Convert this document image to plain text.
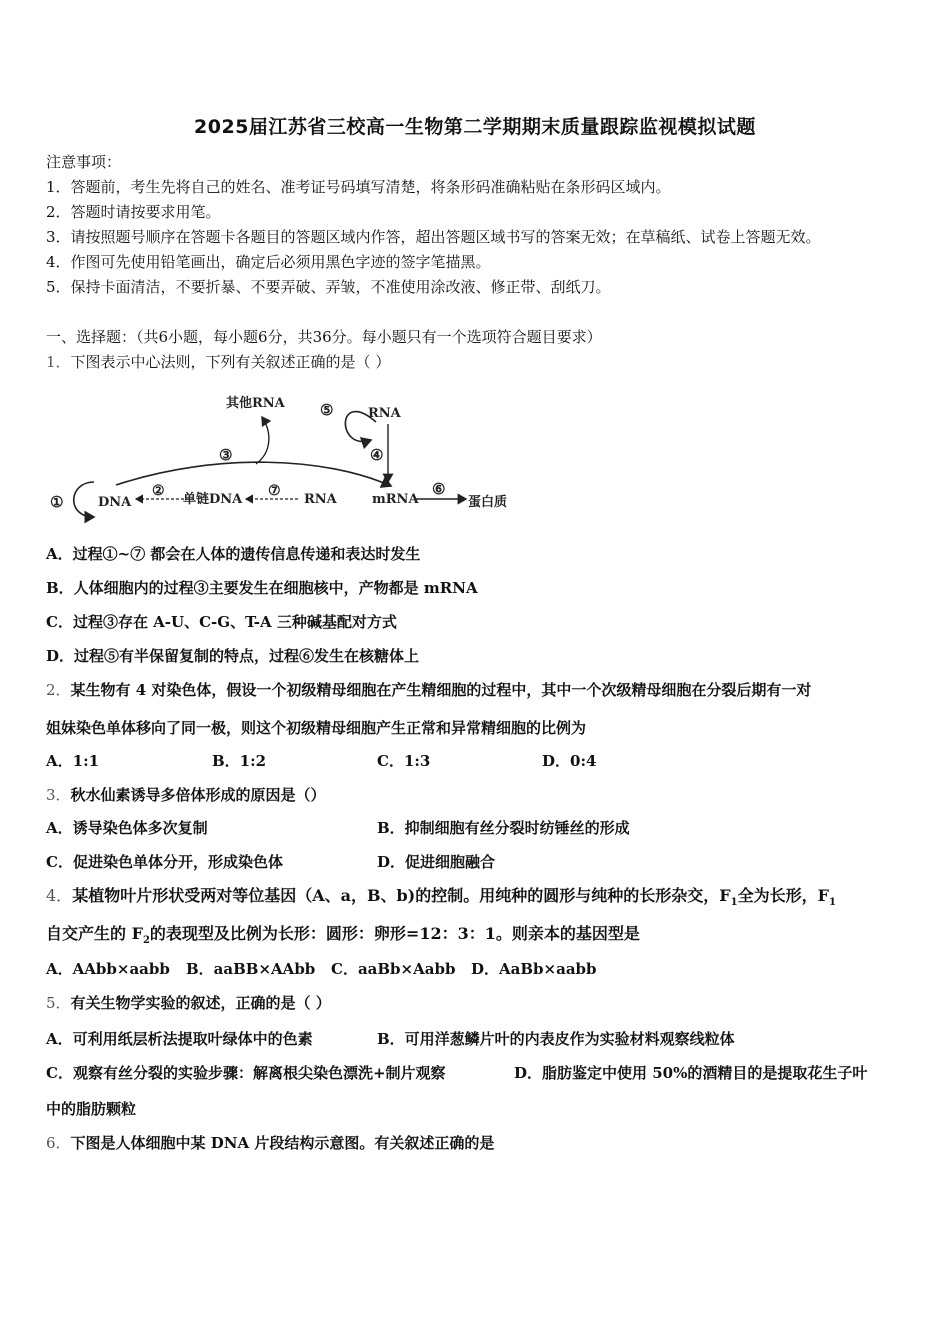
2025届江苏省三校高一生物第二学期期末质量跟踪监视模拟试题
注意事项：
1．答题前，考生先将自己的姓名、准考证号码填写清楚，将条形码准确粘贴在条形码区域内。
2．答题时请按要求用笔。
3．请按照题号顺序在答题卡各题目的答题区域内作答，超出答题区域书写的答案无效；在草稿纸、试卷上答题无效。
4．作图可先使用铅笔画出，确定后必须用黑色字迹的签字笔描黑。
5．保持卡面清洁，不要折暴、不要弄破、弄皱，不准使用涂改液、修正带、刮纸刀。
一、选择题：（共6小题，每小题6分，共36分。每小题只有一个选项符合题目要求）
1．下图表示中心法则，下列有关叙述正确的是（ ）
①	DNA
②
单链DNA
⑦
RNA
③
其他RNA ⑤	RNA
④
mRNA
⑥
蛋白质
A．过程①~⑦ 都会在人体的遗传信息传递和表达时发生
B．人体细胞内的过程③主要发生在细胞核中，产物都是 mRNA
C．过程③存在 A-U、C-G、T-A 三种碱基配对方式
D．过程⑤有半保留复制的特点，过程⑥发生在核糖体上
2．某生物有 4 对染色体，假设一个初级精母细胞在产生精细胞的过程中，其中一个次级精母细胞在分裂后期有一对
姐妹染色单体移向了同一极，则这个初级精母细胞产生正常和异常精细胞的比例为
A．1:1	B．1:2	C．1:3	D．0:4
3．秋水仙素诱导多倍体形成的原因是（）
A．诱导染色体多次复制	B．抑制细胞有丝分裂时纺锤丝的形成
C．促进染色单体分开，形成染色体	D．促进细胞融合
4．某植物叶片形状受两对等位基因（A、a，B、b)的控制。用纯种的圆形与纯种的长形杂交，$F_1$全为长形，$F_1$
自交产生的 $F_2$的表现型及比例为长形：圆形：卵形=12：3：1。则亲本的基因型是
A．AAbb×aabb B．aaBB×AAbb C．aaBb×Aabb D．AaBb×aabb
5．有关生物学实验的叙述，正确的是（ ）
A．可利用纸层析法提取叶绿体中的色素	B．可用洋葱鳞片叶的内表皮作为实验材料观察线粒体
C．观察有丝分裂的实验步骤：解离根尖染色漂洗+制片观察	D．脂肪鉴定中使用 50%的酒精目的是提取花生子叶
中的脂肪颗粒
6．下图是人体细胞中某 DNA 片段结构示意图。有关叙述正确的是
